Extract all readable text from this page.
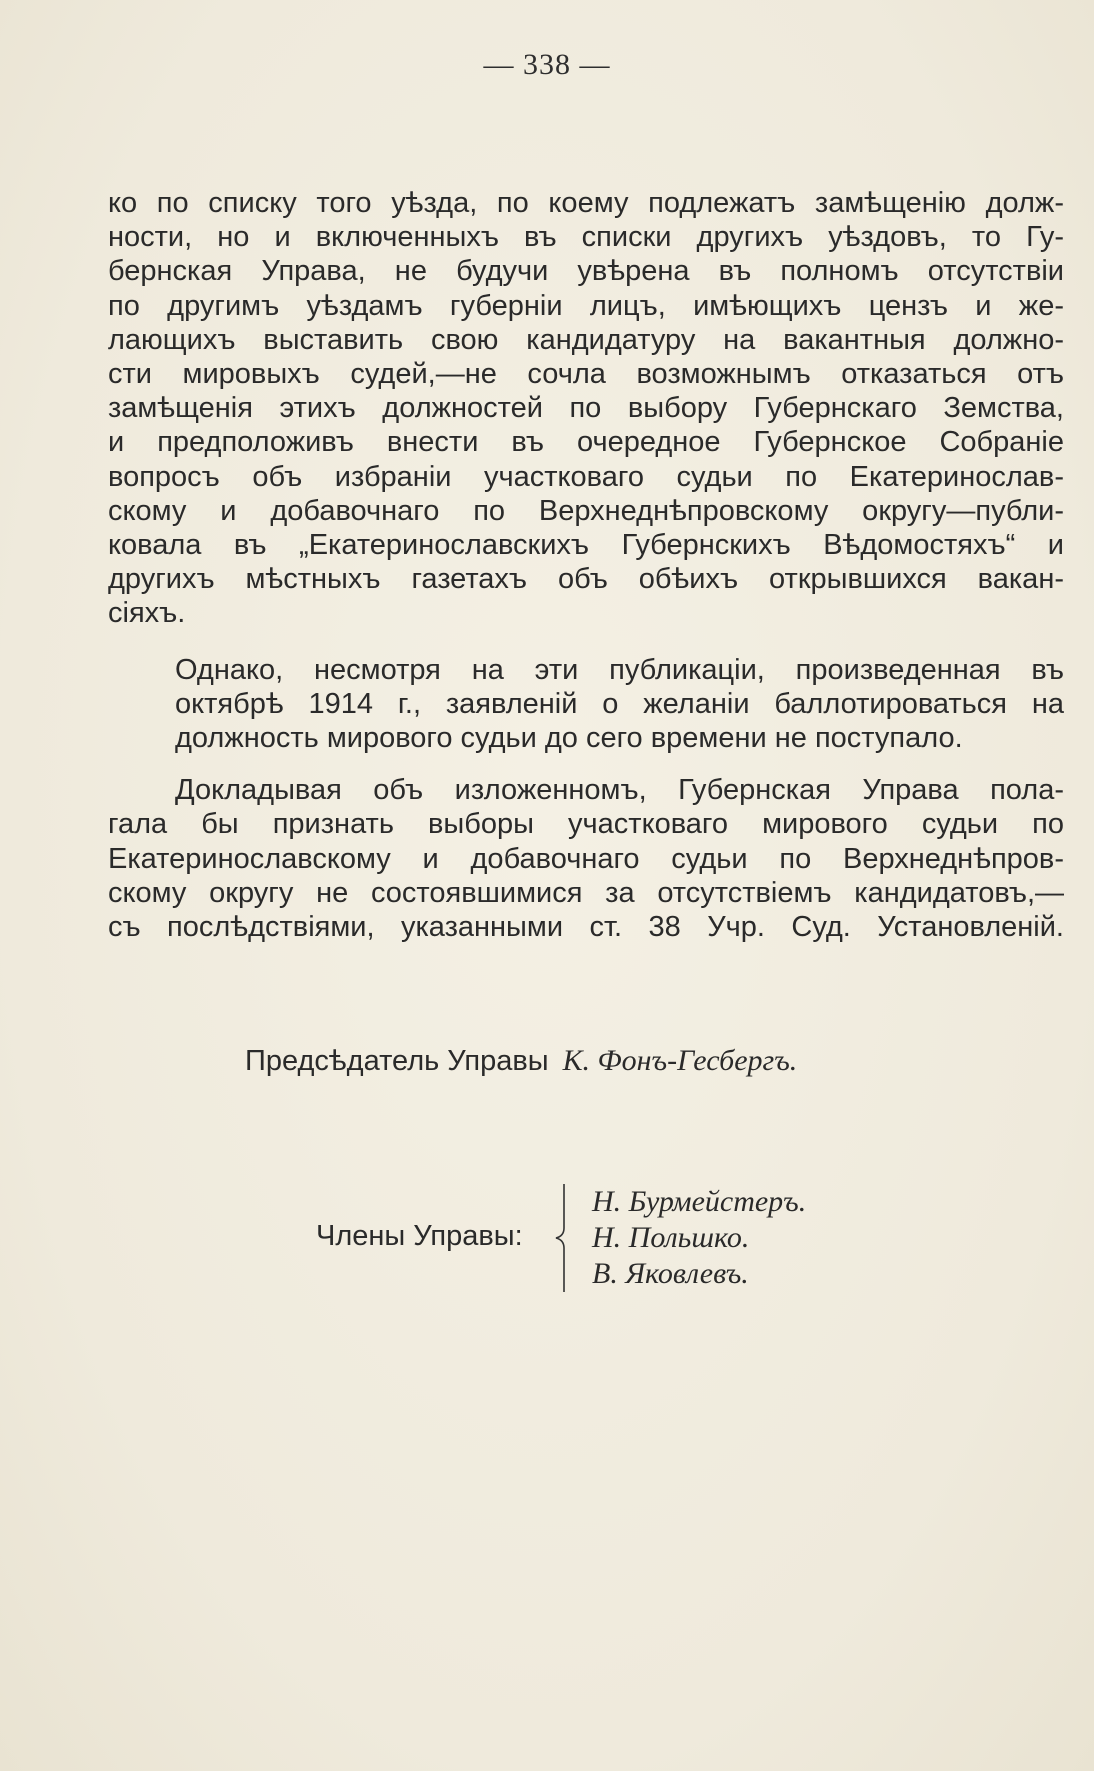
— 338 —

ко по списку того уѣзда, по коему подлежатъ замѣщенію долж-
ности, но и включенныхъ въ списки другихъ уѣздовъ, то Гу-
бернская Управа, не будучи увѣрена въ полномъ отсутствіи
по другимъ уѣздамъ губерніи лицъ, имѣющихъ цензъ и же-
лающихъ выставить свою кандидатуру на вакантныя должно-
сти мировыхъ судей,—не сочла возможнымъ отказаться отъ
замѣщенія этихъ должностей по выбору Губернскаго Земства,
и предположивъ внести въ очередное Губернское Собраніе
вопросъ объ избраніи участковаго судьи по Екатеринослав-
скому и добавочнаго по Верхнеднѣпровскому округу—публи-
ковала въ „Екатеринославскихъ Губернскихъ Вѣдомостяхъ“ и
другихъ мѣстныхъ газетахъ объ обѣихъ открывшихся вакан-
сіяхъ.

Однако, несмотря на эти публикаціи, произведенная въ
октябрѣ 1914 г., заявленій о желаніи баллотироваться на
должность мирового судьи до сего времени не поступало.

Докладывая объ изложенномъ, Губернская Управа пола-
гала бы признать выборы участковаго мирового судьи по
Екатеринославскому и добавочнаго судьи по Верхнеднѣпров-
скому округу не состоявшимися за отсутствіемъ кандидатовъ,—
съ послѣдствіями, указанными ст. 38 Учр. Суд. Установленій.

Предсѣдатель Управы К. Фонъ-Гесбергъ.
Члены Управы:
Н. Бурмейстеръ.
Н. Польшко.
В. Яковлевъ.
